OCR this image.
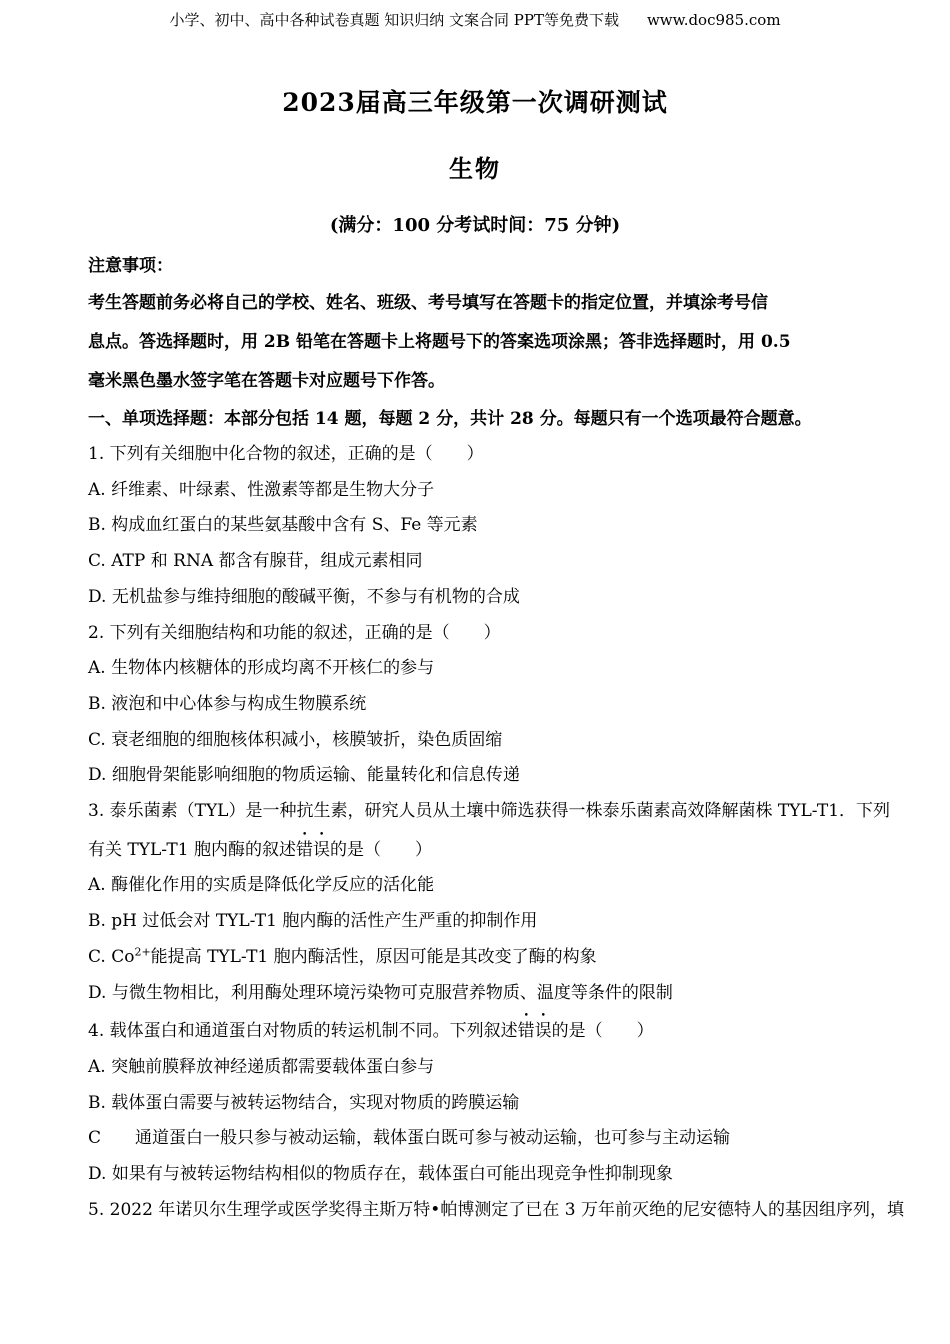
小学、初中、高中各种试卷真题 知识归纳 文案合同 PPT等免费下载 www.doc985.com
2023届高三年级第一次调研测试
生物
(满分：100 分考试时间：75 分钟)
注意事项：
考生答题前务必将自己的学校、姓名、班级、考号填写在答题卡的指定位置，并填涂考号信
息点。答选择题时，用 2B 铅笔在答题卡上将题号下的答案选项涂黑；答非选择题时，用 0.5
毫米黑色墨水签字笔在答题卡对应题号下作答。
一、单项选择题：本部分包括 14 题，每题 2 分，共计 28 分。每题只有一个选项最符合题意。
1. 下列有关细胞中化合物的叙述，正确的是（　　）
A. 纤维素、叶绿素、性激素等都是生物大分子
B. 构成血红蛋白的某些氨基酸中含有 S、Fe 等元素
C. ATP 和 RNA 都含有腺苷，组成元素相同
D. 无机盐参与维持细胞的酸碱平衡，不参与有机物的合成
2. 下列有关细胞结构和功能的叙述，正确的是（　　）
A. 生物体内核糖体的形成均离不开核仁的参与
B. 液泡和中心体参与构成生物膜系统
C. 衰老细胞的细胞核体积减小，核膜皱折，染色质固缩
D. 细胞骨架能影响细胞的物质运输、能量转化和信息传递
3. 泰乐菌素（TYL）是一种抗生素，研究人员从土壤中筛选获得一株泰乐菌素高效降解菌株 TYL-T1．下列
有关 TYL-T1 胞内酶的叙述错误的是（　　）
A. 酶催化作用的实质是降低化学反应的活化能
B. pH 过低会对 TYL-T1 胞内酶的活性产生严重的抑制作用
C. $Co^{2+}$能提高 TYL-T1 胞内酶活性，原因可能是其改变了酶的构象
D. 与微生物相比，利用酶处理环境污染物可克服营养物质、温度等条件的限制
4. 载体蛋白和通道蛋白对物质的转运机制不同。下列叙述错误的是（　　）
A. 突触前膜释放神经递质都需要载体蛋白参与
B. 载体蛋白需要与被转运物结合，实现对物质的跨膜运输
C　　通道蛋白一般只参与被动运输，载体蛋白既可参与被动运输，也可参与主动运输
D. 如果有与被转运物结构相似的物质存在，载体蛋白可能出现竞争性抑制现象
5. 2022 年诺贝尔生理学或医学奖得主斯万特•帕博测定了已在 3 万年前灭绝的尼安德特人的基因组序列，填
